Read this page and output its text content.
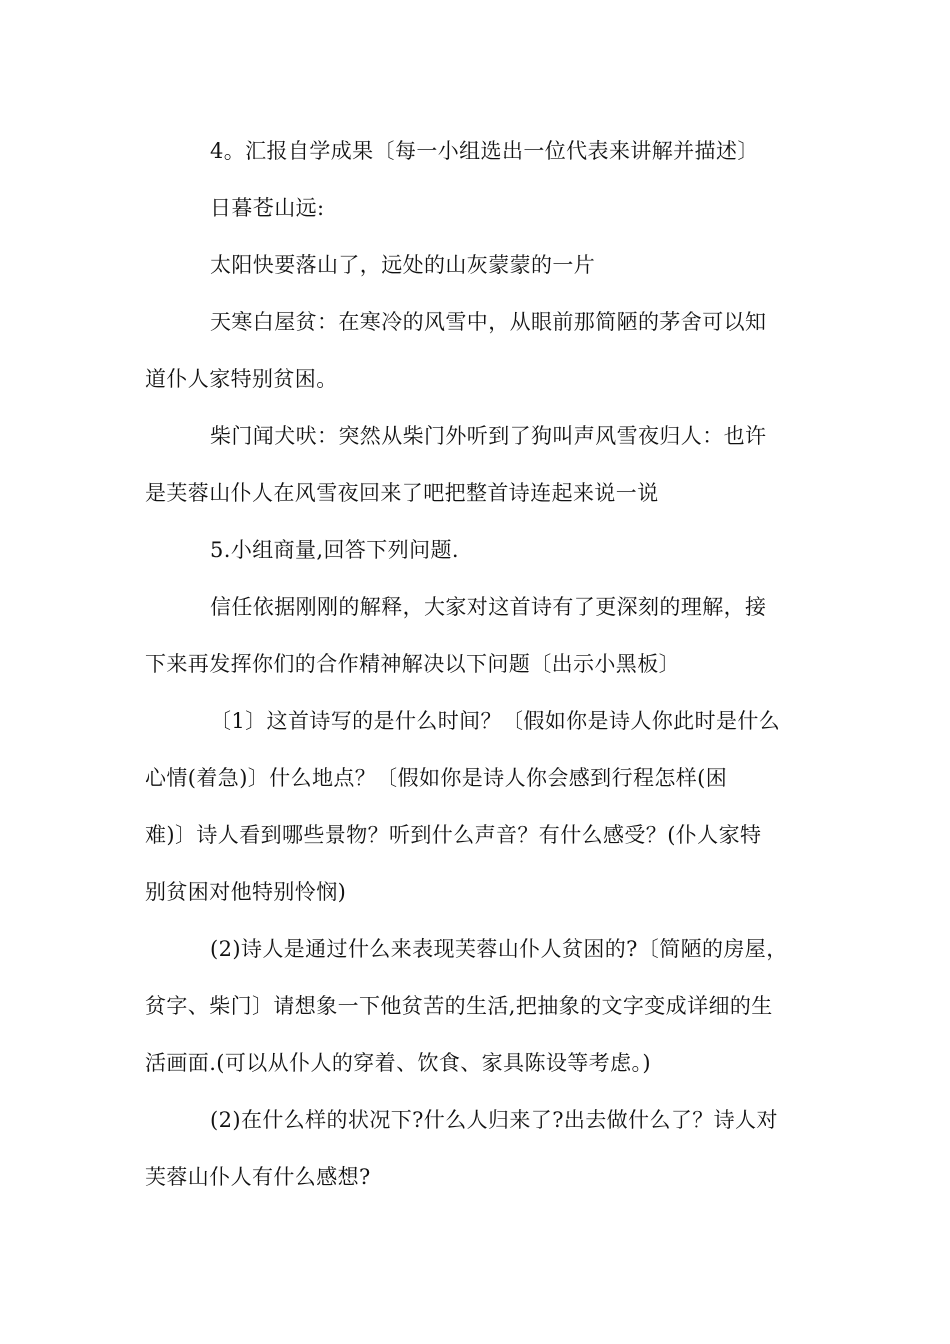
4。汇报自学成果〔每一小组选出一位代表来讲解并描述〕

日暮苍山远:

太阳快要落山了，远处的山灰蒙蒙的一片

天寒白屋贫：在寒冷的风雪中，从眼前那简陋的茅舍可以知

道仆人家特别贫困。

柴门闻犬吠：突然从柴门外听到了狗叫声风雪夜归人：也许

是芙蓉山仆人在风雪夜回来了吧把整首诗连起来说一说

5.小组商量,回答下列问题.

信任依据刚刚的解释，大家对这首诗有了更深刻的理解，接

下来再发挥你们的合作精神解决以下问题〔出示小黑板〕

〔1〕这首诗写的是什么时间？〔假如你是诗人你此时是什么

心情(着急)〕什么地点？〔假如你是诗人你会感到行程怎样(困

难)〕诗人看到哪些景物？听到什么声音？有什么感受？(仆人家特

别贫困对他特别怜悯)

(2)诗人是通过什么来表现芙蓉山仆人贫困的?〔简陋的房屋，

贫字、柴门〕请想象一下他贫苦的生活,把抽象的文字变成详细的生

活画面.(可以从仆人的穿着、饮食、家具陈设等考虑。)

(2)在什么样的状况下?什么人归来了?出去做什么了？诗人对

芙蓉山仆人有什么感想?
